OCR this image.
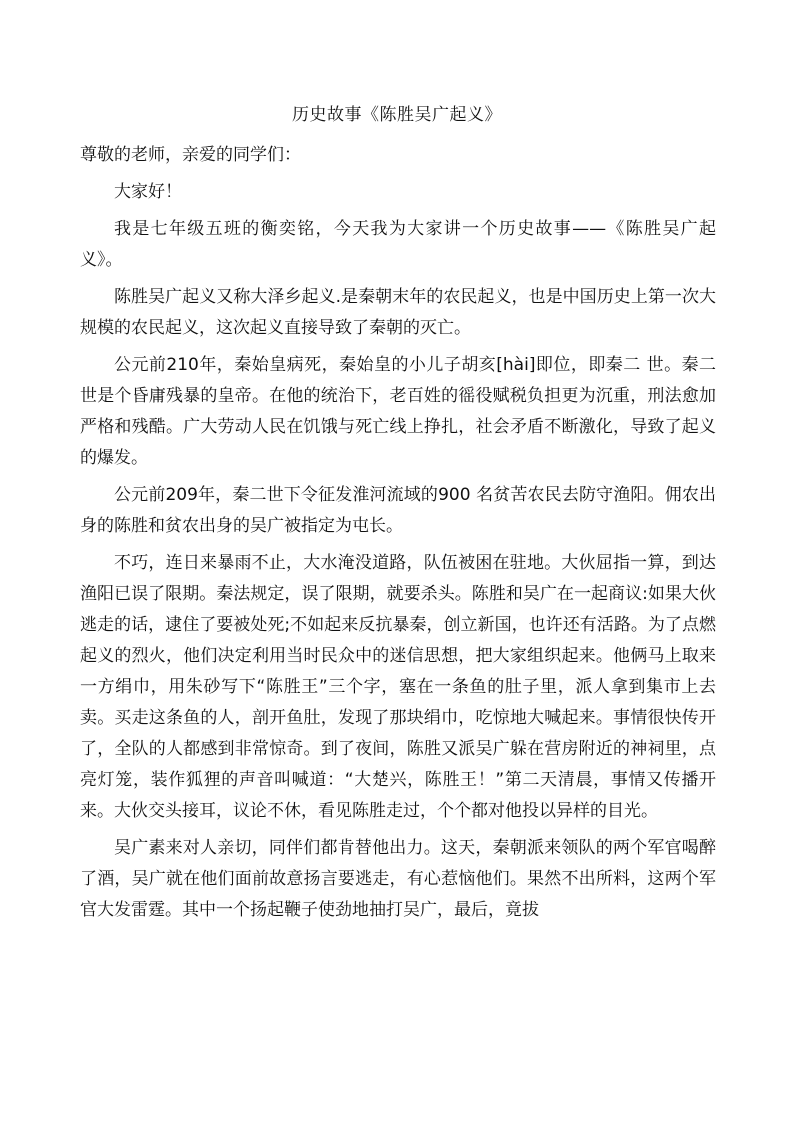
历史故事《陈胜吴广起义》

尊敬的老师，亲爱的同学们：

大家好！

我是七年级五班的衡奕铭，今天我为大家讲一个历史故事——《陈胜吴广起义》。

陈胜吴广起义又称大泽乡起义.是秦朝末年的农民起义，也是中国历史上第一次大规模的农民起义，这次起义直接导致了秦朝的灭亡。

公元前210年，秦始皇病死，秦始皇的小儿子胡亥[hài]即位，即秦二 世。秦二世是个昏庸残暴的皇帝。在他的统治下，老百姓的徭役赋税负担更为沉重，刑法愈加严格和残酷。广大劳动人民在饥饿与死亡线上挣扎，社会矛盾不断激化，导致了起义的爆发。

公元前209年，秦二世下令征发淮河流域的900 名贫苦农民去防守渔阳。佣农出身的陈胜和贫农出身的吴广被指定为屯长。

不巧，连日来暴雨不止，大水淹没道路，队伍被困在驻地。大伙屈指一算，到达渔阳已误了限期。秦法规定，误了限期，就要杀头。陈胜和吴广在一起商议:如果大伙逃走的话，逮住了要被处死;不如起来反抗暴秦，创立新国，也许还有活路。为了点燃起义的烈火，他们决定利用当时民众中的迷信思想，把大家组织起来。他俩马上取来一方绢巾，用朱砂写下“陈胜王”三个字，塞在一条鱼的肚子里，派人拿到集市上去卖。买走这条鱼的人，剖开鱼肚，发现了那块绢巾，吃惊地大喊起来。事情很快传开了，全队的人都感到非常惊奇。到了夜间，陈胜又派吴广躲在营房附近的神祠里，点亮灯笼，装作狐狸的声音叫喊道：“大楚兴，陈胜王！”第二天清晨，事情又传播开来。大伙交头接耳，议论不休，看见陈胜走过，个个都对他投以异样的目光。

吴广素来对人亲切，同伴们都肯替他出力。这天，秦朝派来领队的两个军官喝醉了酒，吴广就在他们面前故意扬言要逃走，有心惹恼他们。果然不出所料，这两个军官大发雷霆。其中一个扬起鞭子使劲地抽打吴广，最后，竟拔
